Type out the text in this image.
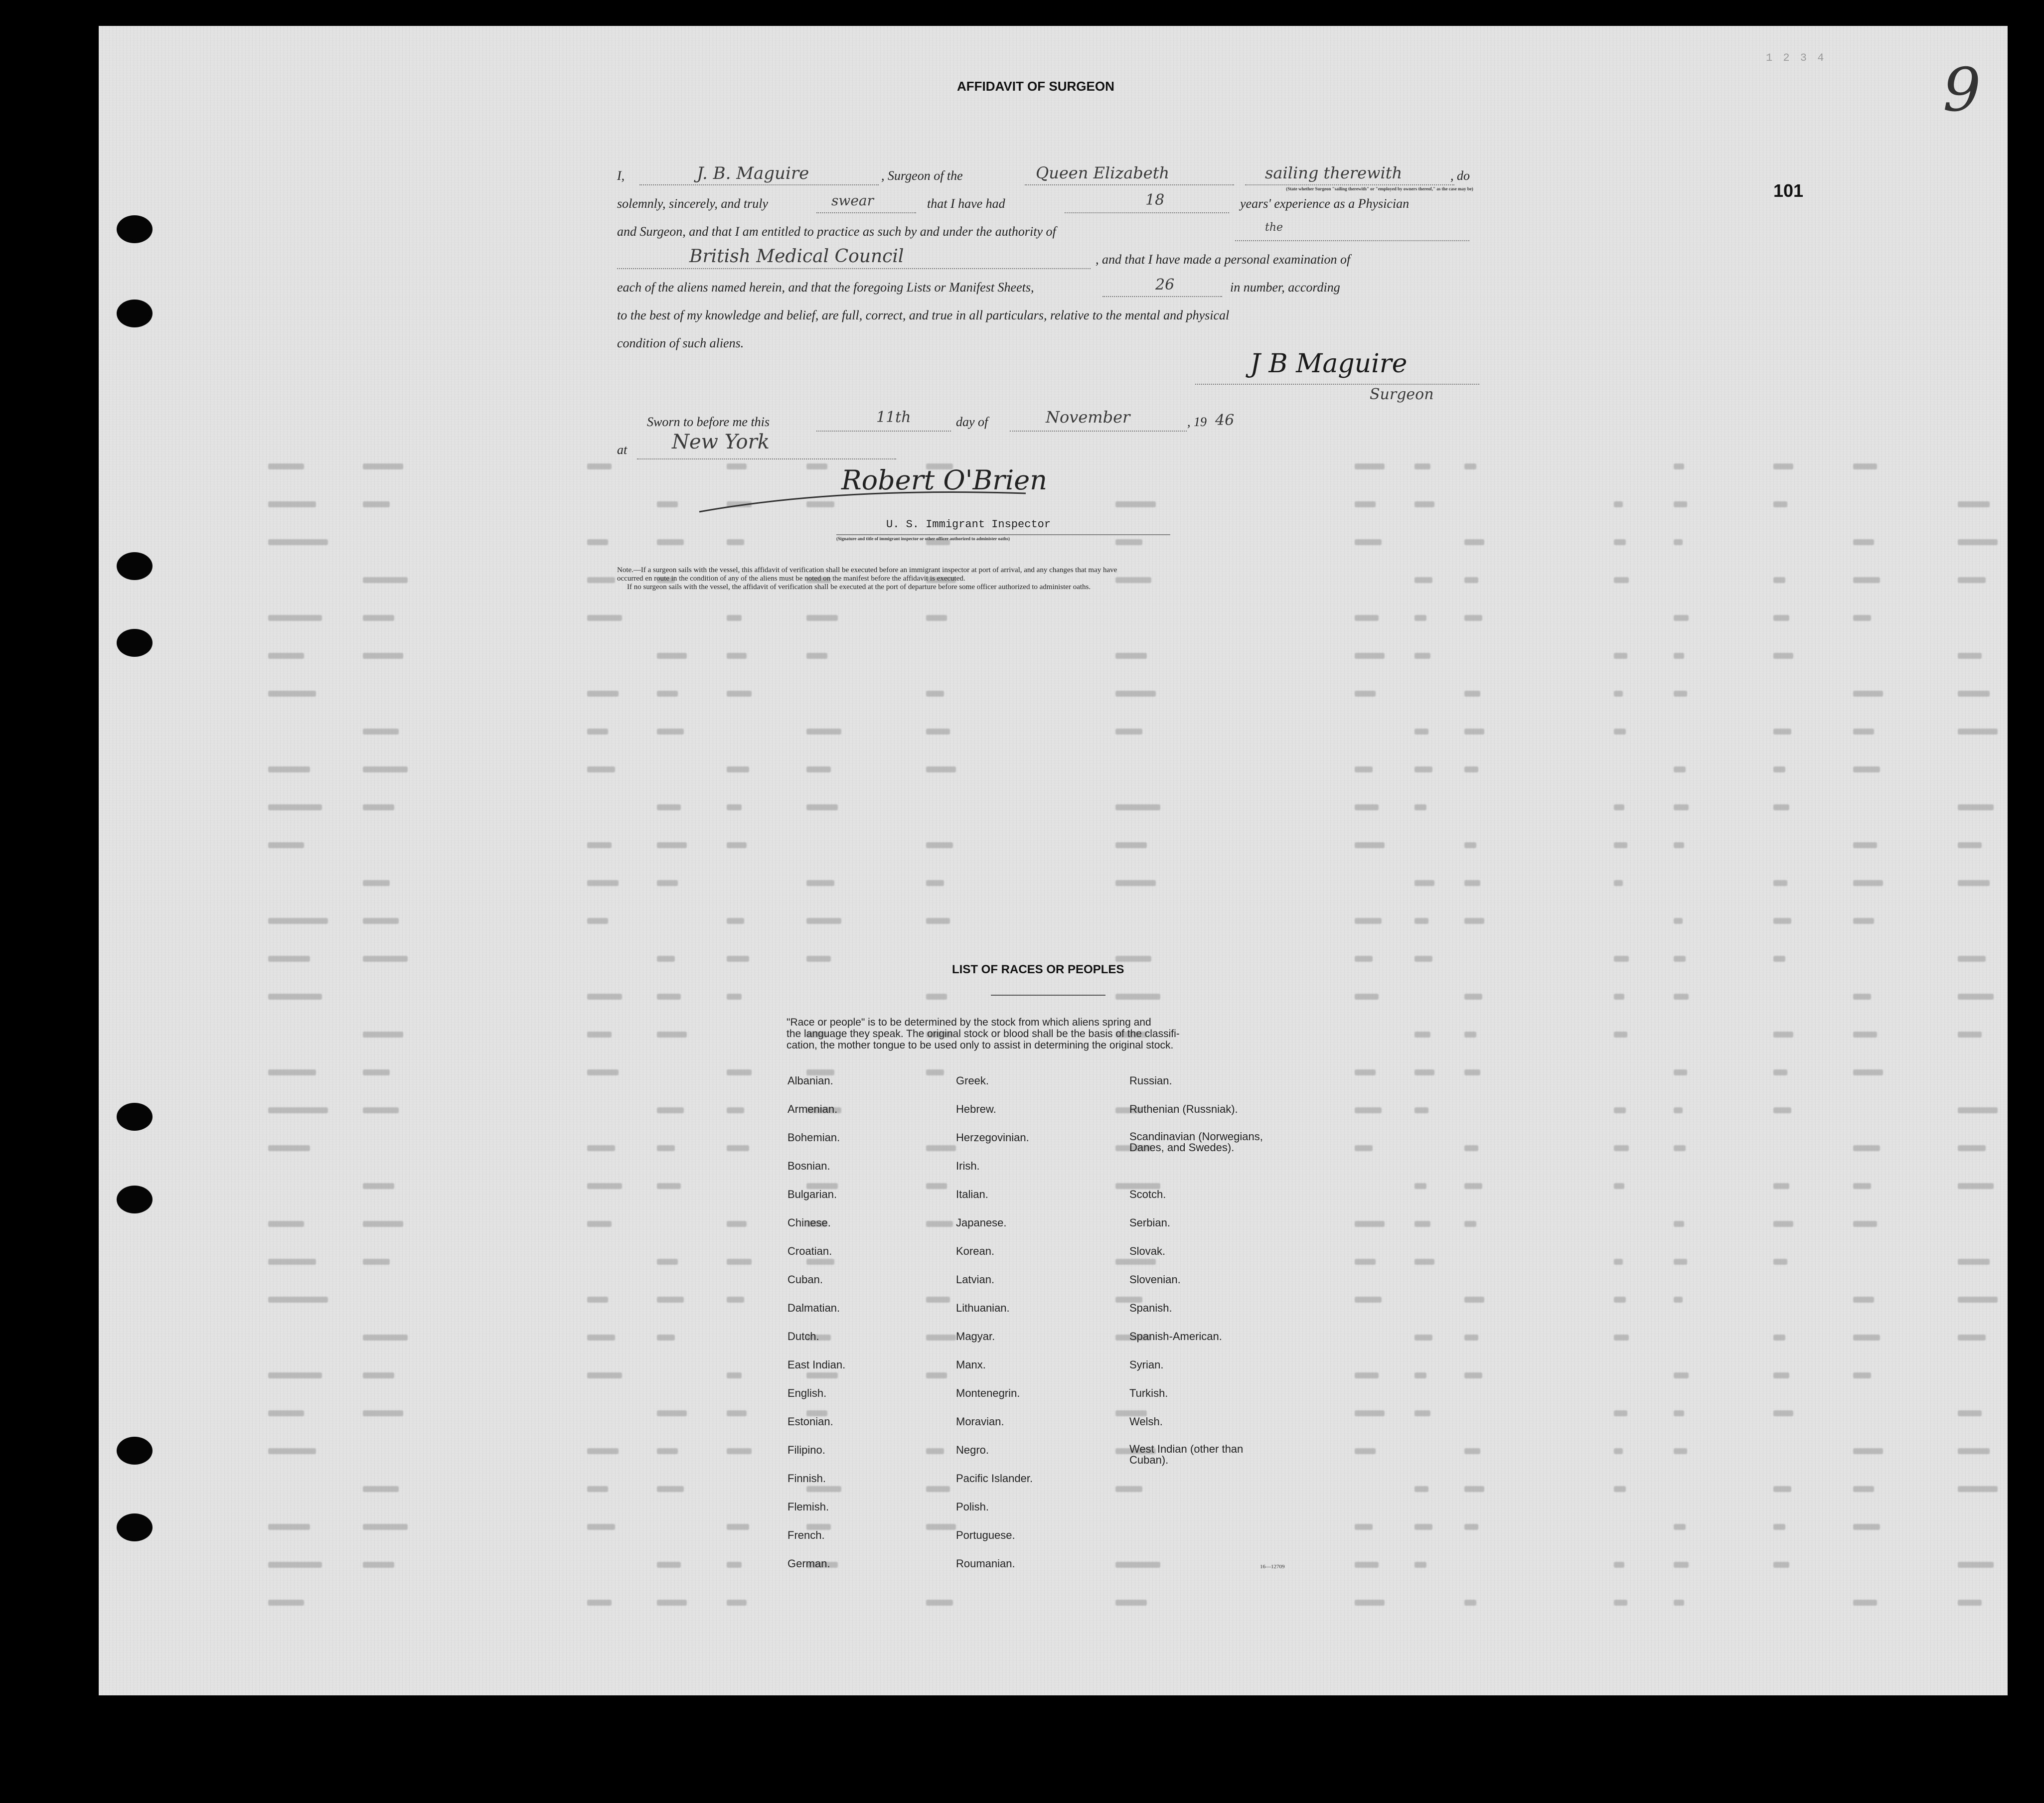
1 2 3 4 9
101
AFFIDAVIT OF SURGEON
I,	J. B. Maguire	, Surgeon of the	Queen Elizabeth	sailing therewith	, do
(State whether Surgeon "sailing therewith" or "employed by owners thereof," as the case may be)
solemnly, sincerely, and truly	swear	that I have had	18	years' experience as a Physician
and Surgeon, and that I am entitled to practice as such by and under the authority of	the
British Medical Council	, and that I have made a personal examination of
each of the aliens named herein, and that the foregoing Lists or Manifest Sheets,	26	in number, according
to the best of my knowledge and belief, are full, correct, and true in all particulars, relative to the mental and physical
condition of such aliens.
J B Maguire
Surgeon
Sworn to before me this	11th	day of	November	, 19 46
at New York
Robert O'Brien
U. S. Immigrant Inspector
(Signature and title of immigrant inspector or other officer authorized to administer oaths)
Note.—If a surgeon sails with the vessel, this affidavit of verification shall be executed before an immigrant inspector at port of arrival, and any changes that may have
occurred en route in the condition of any of the aliens must be noted on the manifest before the affidavit is executed.
If no surgeon sails with the vessel, the affidavit of verification shall be executed at the port of departure before some officer authorized to administer oaths.
LIST OF RACES OR PEOPLES
"Race or people" is to be determined by the stock from which aliens spring and
the language they speak. The original stock or blood shall be the basis of the classifi-
cation, the mother tongue to be used only to assist in determining the original stock.
Albanian.
Armenian.
Bohemian.
Bosnian.
Bulgarian.
Chinese.
Croatian.
Cuban.
Dalmatian.
Dutch.
East Indian.
English.
Estonian.
Filipino.
Finnish.
Flemish.
French.
German.
Greek.
Hebrew.
Herzegovinian.
Irish.
Italian.
Japanese.
Korean.
Latvian.
Lithuanian.
Magyar.
Manx.
Montenegrin.
Moravian.
Negro.
Pacific Islander.
Polish.
Portuguese.
Roumanian.
Russian.
Ruthenian (Russniak).
Scandinavian (Norwegians, Danes, and Swedes).
Scotch.
Serbian.
Slovak.
Slovenian.
Spanish.
Spanish-American.
Syrian.
Turkish.
Welsh.
West Indian (other than Cuban).
16—12709
